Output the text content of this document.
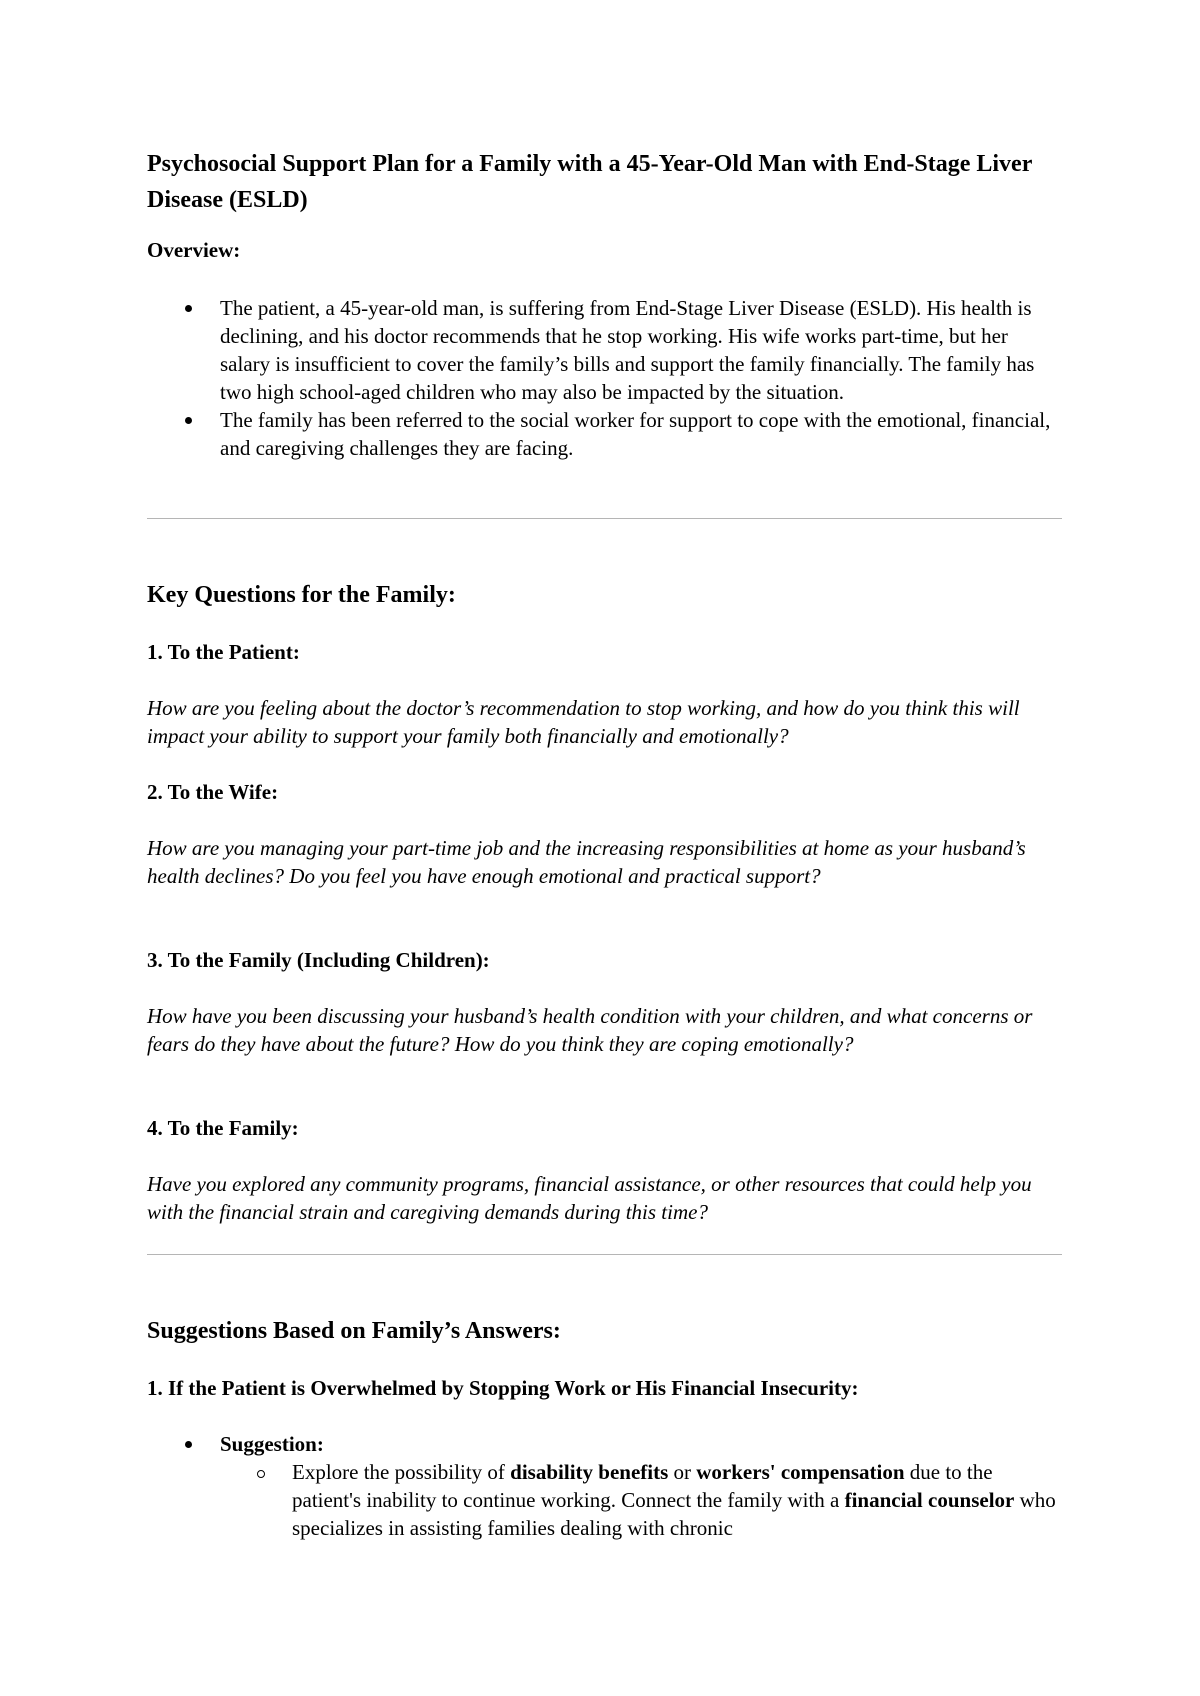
Psychosocial Support Plan for a Family with a 45-Year-Old Man with End-Stage Liver Disease (ESLD)

Overview:

The patient, a 45-year-old man, is suffering from End-Stage Liver Disease (ESLD). His health is declining, and his doctor recommends that he stop working. His wife works part-time, but her salary is insufficient to cover the family’s bills and support the family financially. The family has two high school-aged children who may also be impacted by the situation.
The family has been referred to the social worker for support to cope with the emotional, financial, and caregiving challenges they are facing.
Key Questions for the Family:

1. To the Patient:

How are you feeling about the doctor’s recommendation to stop working, and how do you think this will impact your ability to support your family both financially and emotionally?

2. To the Wife:

How are you managing your part-time job and the increasing responsibilities at home as your husband’s health declines? Do you feel you have enough emotional and practical support?

3. To the Family (Including Children):

How have you been discussing your husband’s health condition with your children, and what concerns or fears do they have about the future? How do you think they are coping emotionally?

4. To the Family:

Have you explored any community programs, financial assistance, or other resources that could help you with the financial strain and caregiving demands during this time?

Suggestions Based on Family’s Answers:

1. If the Patient is Overwhelmed by Stopping Work or His Financial Insecurity:

Suggestion:
Explore the possibility of disability benefits or workers' compensation due to the patient's inability to continue working. Connect the family with a financial counselor who specializes in assisting families dealing with chronic
